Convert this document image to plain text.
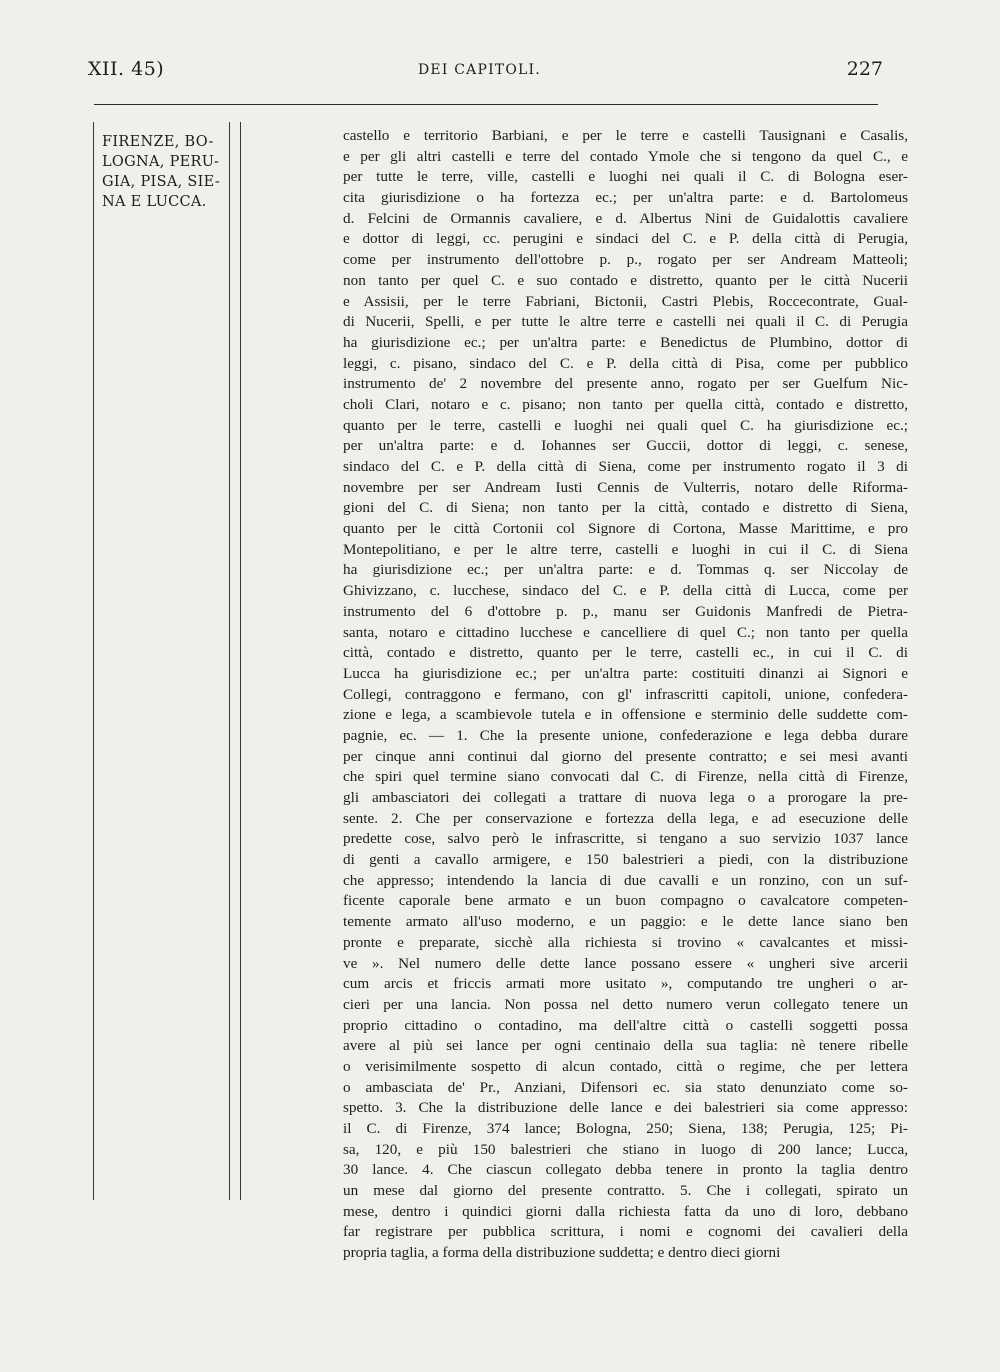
XII. 45)	DEI CAPITOLI.	227
FIRENZE, BO-
LOGNA, PERU-
GIA, PISA, SIE-
NA E LUCCA.
castello e territorio Barbiani, e per le terre e castelli Tausignani e Casalis,
e per gli altri castelli e terre del contado Ymole che si tengono da quel C., e
per tutte le terre, ville, castelli e luoghi nei quali il C. di Bologna eser-
cita giurisdizione o ha fortezza ec.; per un'altra parte: e d. Bartolomeus
d. Felcini de Ormannis cavaliere, e d. Albertus Nini de Guidalottis cavaliere
e dottor di leggi, cc. perugini e sindaci del C. e P. della città di Perugia,
come per instrumento dell'ottobre p. p., rogato per ser Andream Matteoli;
non tanto per quel C. e suo contado e distretto, quanto per le città Nucerii
e Assisii, per le terre Fabriani, Bictonii, Castri Plebis, Roccecontrate, Gual-
di Nucerii, Spelli, e per tutte le altre terre e castelli nei quali il C. di Perugia
ha giurisdizione ec.; per un'altra parte: e Benedictus de Plumbino, dottor di
leggi, c. pisano, sindaco del C. e P. della città di Pisa, come per pubblico
instrumento de' 2 novembre del presente anno, rogato per ser Guelfum Nic-
choli Clari, notaro e c. pisano; non tanto per quella città, contado e distretto,
quanto per le terre, castelli e luoghi nei quali quel C. ha giurisdizione ec.;
per un'altra parte: e d. Iohannes ser Guccii, dottor di leggi, c. senese,
sindaco del C. e P. della città di Siena, come per instrumento rogato il 3 di
novembre per ser Andream Iusti Cennis de Vulterris, notaro delle Riforma-
gioni del C. di Siena; non tanto per la città, contado e distretto di Siena,
quanto per le città Cortonii col Signore di Cortona, Masse Marittime, e pro
Montepolitiano, e per le altre terre, castelli e luoghi in cui il C. di Siena
ha giurisdizione ec.; per un'altra parte: e d. Tommas q. ser Niccolay de
Ghivizzano, c. lucchese, sindaco del C. e P. della città di Lucca, come per
instrumento del 6 d'ottobre p. p., manu ser Guidonis Manfredi de Pietra-
santa, notaro e cittadino lucchese e cancelliere di quel C.; non tanto per quella
città, contado e distretto, quanto per le terre, castelli ec., in cui il C. di
Lucca ha giurisdizione ec.; per un'altra parte: costituiti dinanzi ai Signori e
Collegi, contraggono e fermano, con gl' infrascritti capitoli, unione, confedera-
zione e lega, a scambievole tutela e in offensione e sterminio delle suddette com-
pagnie, ec. — 1. Che la presente unione, confederazione e lega debba durare
per cinque anni continui dal giorno del presente contratto; e sei mesi avanti
che spiri quel termine siano convocati dal C. di Firenze, nella città di Firenze,
gli ambasciatori dei collegati a trattare di nuova lega o a prorogare la pre-
sente. 2. Che per conservazione e fortezza della lega, e ad esecuzione delle
predette cose, salvo però le infrascritte, si tengano a suo servizio 1037 lance
di genti a cavallo armigere, e 150 balestrieri a piedi, con la distribuzione
che appresso; intendendo la lancia di due cavalli e un ronzino, con un suf-
ficente caporale bene armato e un buon compagno o cavalcatore competen-
temente armato all'uso moderno, e un paggio: e le dette lance siano ben
pronte e preparate, sicchè alla richiesta si trovino « cavalcantes et missi-
ve ». Nel numero delle dette lance possano essere « ungheri sive arcerii
cum arcis et friccis armati more usitato », computando tre ungheri o ar-
cieri per una lancia. Non possa nel detto numero verun collegato tenere un
proprio cittadino o contadino, ma dell'altre città o castelli soggetti possa
avere al più sei lance per ogni centinaio della sua taglia: nè tenere ribelle
o verisimilmente sospetto di alcun contado, città o regime, che per lettera
o ambasciata de' Pr., Anziani, Difensori ec. sia stato denunziato come so-
spetto. 3. Che la distribuzione delle lance e dei balestrieri sia come appresso:
il C. di Firenze, 374 lance; Bologna, 250; Siena, 138; Perugia, 125; Pi-
sa, 120, e più 150 balestrieri che stiano in luogo di 200 lance; Lucca,
30 lance. 4. Che ciascun collegato debba tenere in pronto la taglia dentro
un mese dal giorno del presente contratto. 5. Che i collegati, spirato un
mese, dentro i quindici giorni dalla richiesta fatta da uno di loro, debbano
far registrare per pubblica scrittura, i nomi e cognomi dei cavalieri della
propria taglia, a forma della distribuzione suddetta; e dentro dieci giorni
